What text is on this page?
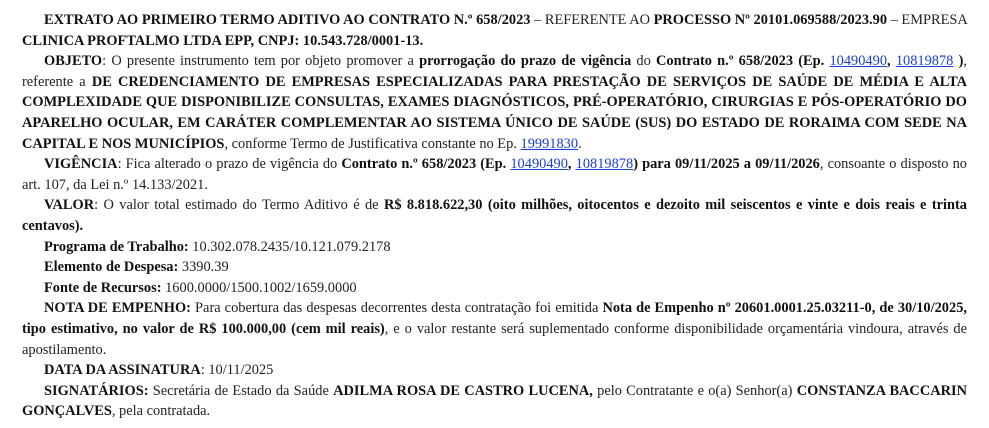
EXTRATO AO PRIMEIRO TERMO ADITIVO AO CONTRATO N.º 658/2023 – REFERENTE AO PROCESSO Nº 20101.069588/2023.90 – EMPRESA CLINICA PROFTALMO LTDA EPP, CNPJ: 10.543.728/0001-13.

OBJETO: O presente instrumento tem por objeto promover a prorrogação do prazo de vigência do Contrato n.º 658/2023 (Ep. 10490490, 10819878 ), referente a DE CREDENCIAMENTO DE EMPRESAS ESPECIALIZADAS PARA PRESTAÇÃO DE SERVIÇOS DE SAÚDE DE MÉDIA E ALTA COMPLEXIDADE QUE DISPONIBILIZE CONSULTAS, EXAMES DIAGNÓSTICOS, PRÉ-OPERATÓRIO, CIRURGIAS E PÓS-OPERATÓRIO DO APARELHO OCULAR, EM CARÁTER COMPLEMENTAR AO SISTEMA ÚNICO DE SAÚDE (SUS) DO ESTADO DE RORAIMA COM SEDE NA CAPITAL E NOS MUNICÍPIOS, conforme Termo de Justificativa constante no Ep. 19991830.

VIGÊNCIA: Fica alterado o prazo de vigência do Contrato n.º 658/2023 (Ep. 10490490, 10819878) para 09/11/2025 a 09/11/2026, consoante o disposto no art. 107, da Lei n.º 14.133/2021.

VALOR: O valor total estimado do Termo Aditivo é de R$ 8.818.622,30 (oito milhões, oitocentos e dezoito mil seiscentos e vinte e dois reais e trinta centavos).

Programa de Trabalho: 10.302.078.2435/10.121.079.2178

Elemento de Despesa: 3390.39

Fonte de Recursos: 1600.0000/1500.1002/1659.0000

NOTA DE EMPENHO: Para cobertura das despesas decorrentes desta contratação foi emitida Nota de Empenho nº 20601.0001.25.03211-0, de 30/10/2025, tipo estimativo, no valor de R$ 100.000,00 (cem mil reais), e o valor restante será suplementado conforme disponibilidade orçamentária vindoura, através de apostilamento.

DATA DA ASSINATURA: 10/11/2025

SIGNATÁRIOS: Secretária de Estado da Saúde ADILMA ROSA DE CASTRO LUCENA, pelo Contratante e o(a) Senhor(a) CONSTANZA BACCARIN GONÇALVES, pela contratada.
